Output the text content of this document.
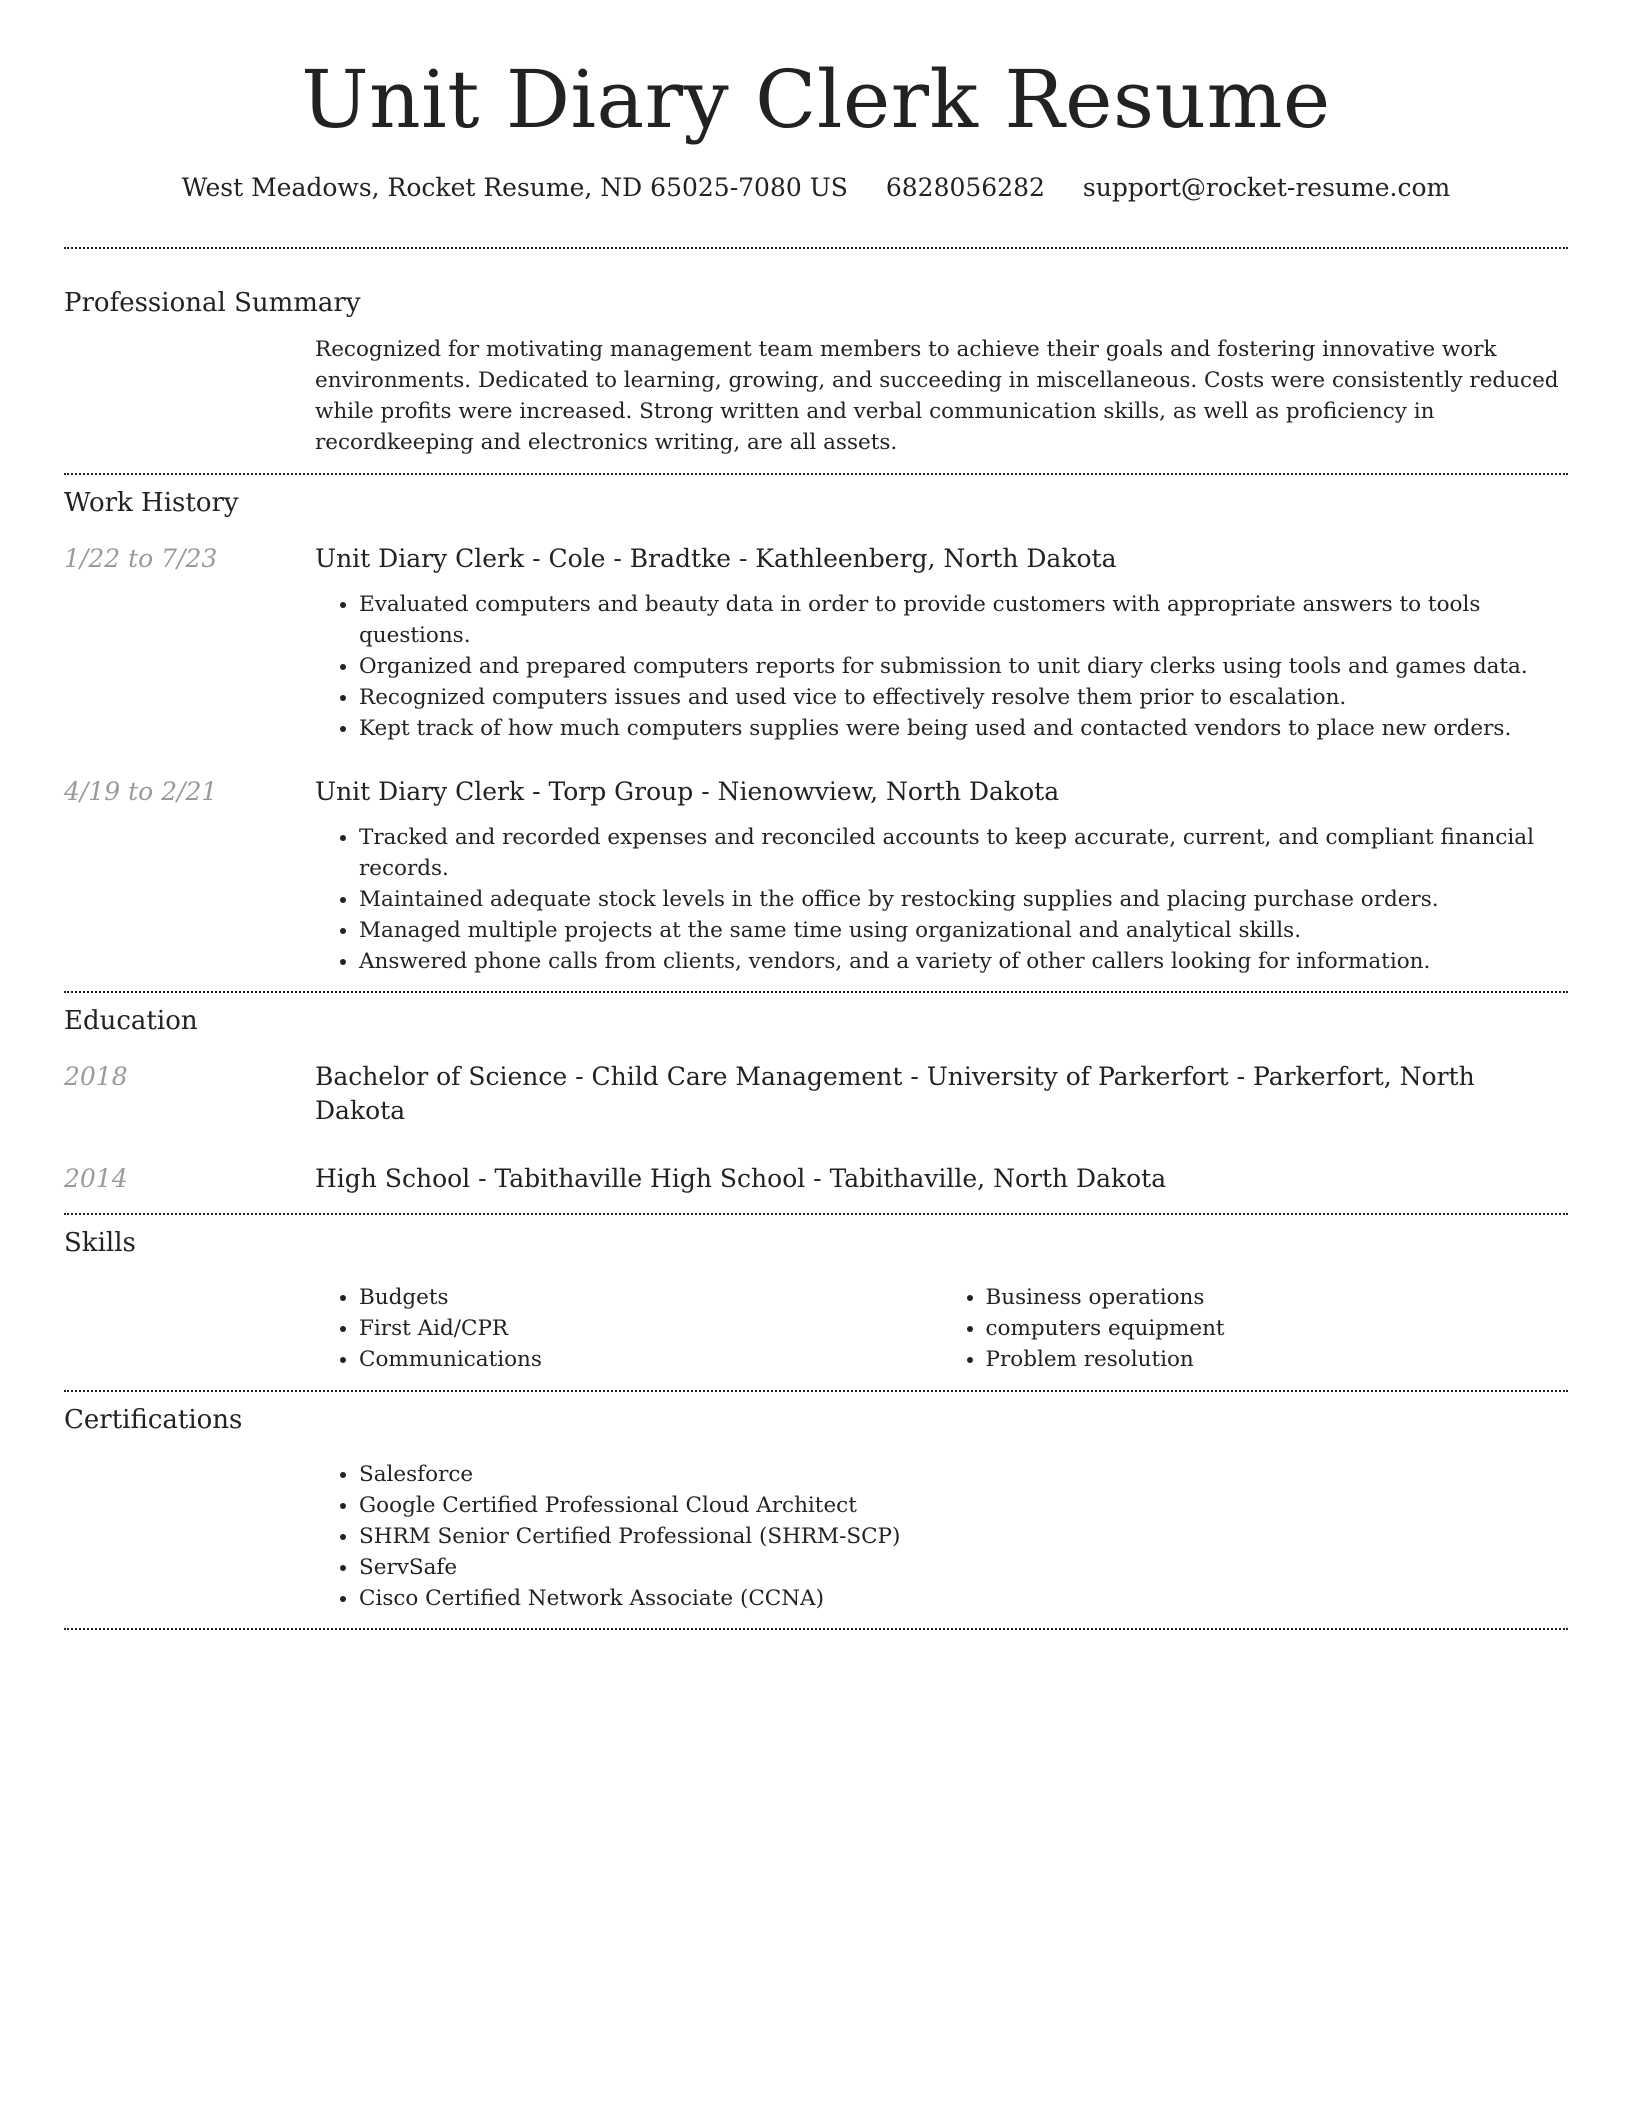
Unit Diary Clerk Resume
West Meadows, Rocket Resume, ND 65025-7080 US 6828056282 support@rocket-resume.com
Professional Summary

Recognized for motivating management team members to achieve their goals and fostering innovative work environments. Dedicated to learning, growing, and succeeding in miscellaneous. Costs were consistently reduced while profits were increased. Strong written and verbal communication skills, as well as proficiency in recordkeeping and electronics writing, are all assets.

Work History
1/22 to 7/23	Unit Diary Clerk - Cole - Bradtke - Kathleenberg, North Dakota

• Evaluated computers and beauty data in order to provide customers with appropriate answers to tools questions.
• Organized and prepared computers reports for submission to unit diary clerks using tools and games data.
• Recognized computers issues and used vice to effectively resolve them prior to escalation.
• Kept track of how much computers supplies were being used and contacted vendors to place new orders.
4/19 to 2/21	Unit Diary Clerk - Torp Group - Nienowview, North Dakota

• Tracked and recorded expenses and reconciled accounts to keep accurate, current, and compliant financial records.
• Maintained adequate stock levels in the office by restocking supplies and placing purchase orders.
• Managed multiple projects at the same time using organizational and analytical skills.
• Answered phone calls from clients, vendors, and a variety of other callers looking for information.
Education
2018	Bachelor of Science - Child Care Management - University of Parkerfort - Parkerfort, North Dakota

2014	High School - Tabithaville High School - Tabithaville, North Dakota

Skills
• Budgets
• First Aid/CPR
• Communications
• Business operations
• computers equipment
• Problem resolution
Certifications
• Salesforce
• Google Certified Professional Cloud Architect
• SHRM Senior Certified Professional (SHRM-SCP)
• ServSafe
• Cisco Certified Network Associate (CCNA)
